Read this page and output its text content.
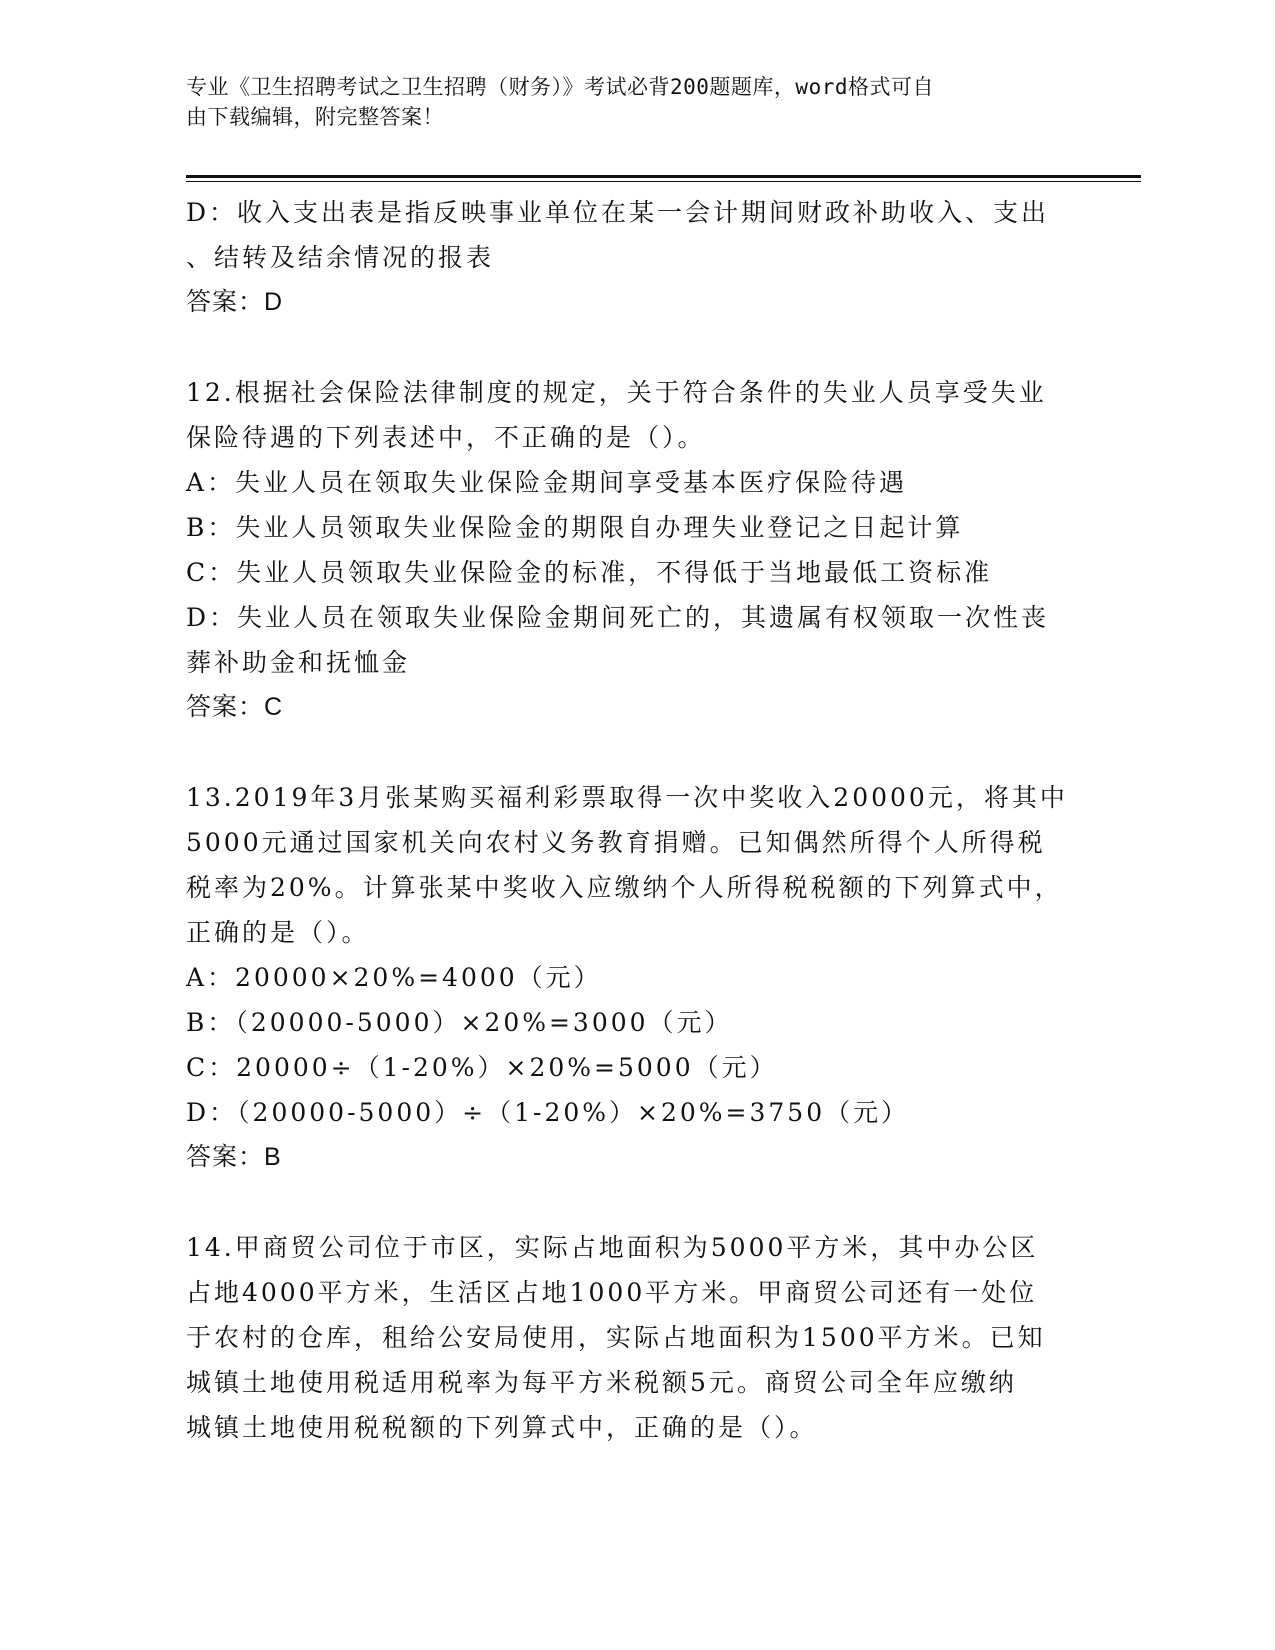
专业《卫生招聘考试之卫生招聘（财务）》考试必背200题题库，word格式可自
由下载编辑，附完整答案！
D：收入支出表是指反映事业单位在某一会计期间财政补助收入、支出
、结转及结余情况的报表
答案：D
12.根据社会保险法律制度的规定，关于符合条件的失业人员享受失业
保险待遇的下列表述中，不正确的是（）。
A：失业人员在领取失业保险金期间享受基本医疗保险待遇
B：失业人员领取失业保险金的期限自办理失业登记之日起计算
C：失业人员领取失业保险金的标准，不得低于当地最低工资标准
D：失业人员在领取失业保险金期间死亡的，其遗属有权领取一次性丧
葬补助金和抚恤金
答案：C
13.2019年3月张某购买福利彩票取得一次中奖收入20000元，将其中
5000元通过国家机关向农村义务教育捐赠。已知偶然所得个人所得税
税率为20%。计算张某中奖收入应缴纳个人所得税税额的下列算式中，
正确的是（）。
A：20000×20%=4000（元）
B：（20000-5000）×20%=3000（元）
C：20000÷（1-20%）×20%=5000（元）
D：（20000-5000）÷（1-20%）×20%=3750（元）
答案：B
14.甲商贸公司位于市区，实际占地面积为5000平方米，其中办公区
占地4000平方米，生活区占地1000平方米。甲商贸公司还有一处位
于农村的仓库，租给公安局使用，实际占地面积为1500平方米。已知
城镇土地使用税适用税率为每平方米税额5元。商贸公司全年应缴纳
城镇土地使用税税额的下列算式中，正确的是（）。
